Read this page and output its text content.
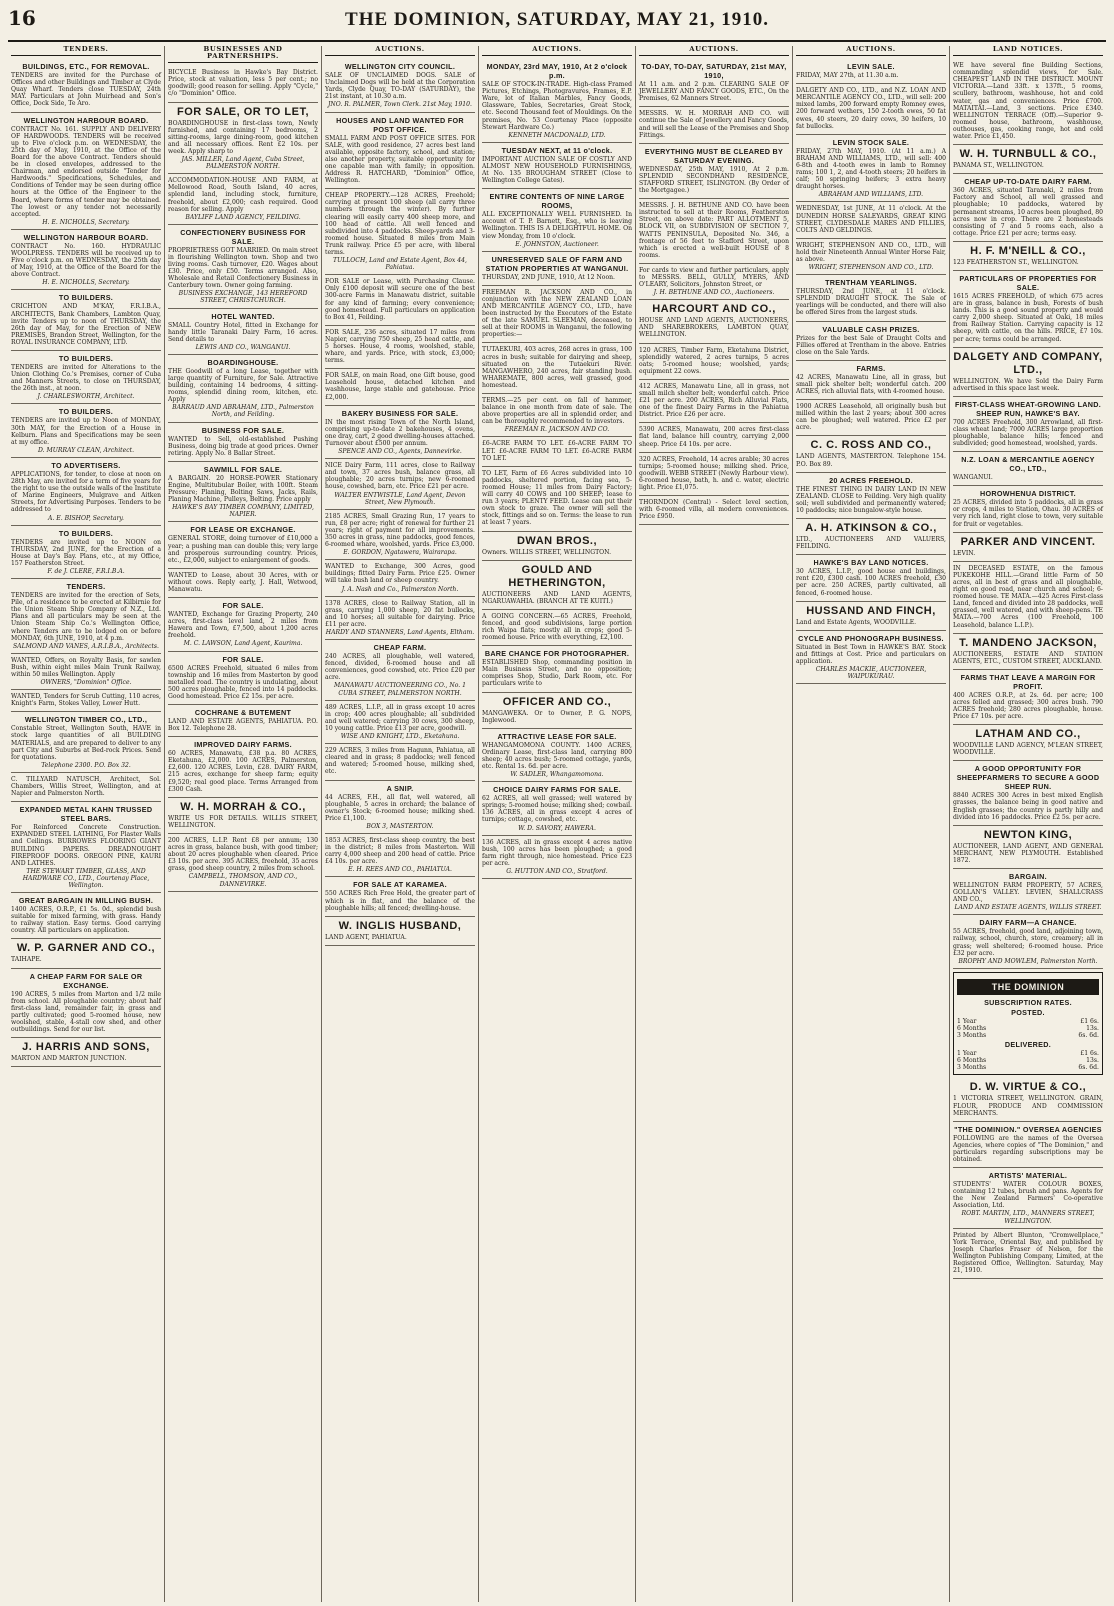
16	THE DOMINION, SATURDAY, MAY 21, 1910.
TENDERS.
BUILDINGS, ETC., FOR REMOVAL.
TENDERS are invited for the Purchase of Offices and other Buildings and Timber at Clyde Quay Wharf. Tenders close TUESDAY, 24th MAY. Particulars at John Muirhead and Son's Office, Dock Side, Te Aro.
WELLINGTON HARBOUR BOARD.
CONTRACT No. 161. SUPPLY AND DELIVERY OF HARDWOODS. TENDERS will be received up to Five o'clock p.m. on WEDNESDAY, the 25th day of May, 1910, at the Office of the Board for the above Contract. Tenders should be in closed envelopes, addressed to the Chairman, and endorsed outside "Tender for Hardwoods." Specifications, Schedules, and Conditions of Tender may be seen during office hours at the Office of the Engineer to the Board, where forms of tender may be obtained. The lowest or any tender not necessarily accepted.
H. E. NICHOLLS, Secretary.
WELLINGTON HARBOUR BOARD.
CONTRACT No. 160. HYDRAULIC WOOLPRESS. TENDERS will be received up to Five o'clock p.m. on WEDNESDAY, the 25th day of May, 1910, at the Office of the Board for the above Contract.
H. E. NICHOLLS, Secretary.
TO BUILDERS.
CRICHTON AND M'KAY, F.R.I.B.A., ARCHITECTS, Bank Chambers, Lambton Quay, invite Tenders up to noon of THURSDAY, the 26th day of May, for the Erection of NEW PREMISES, Brandon Street, Wellington, for the ROYAL INSURANCE COMPANY, LTD.
TO BUILDERS.
TENDERS are invited for Alterations to the Union Clothing Co.'s Premises, corner of Cuba and Manners Streets, to close on THURSDAY, the 26th inst., at noon.
J. CHARLESWORTH, Architect.
TO BUILDERS.
TENDERS are invited up to Noon of MONDAY, 30th MAY, for the Erection of a House in Kelburn. Plans and Specifications may be seen at my office.
D. MURRAY CLEAN, Architect.
TO ADVERTISERS.
APPLICATIONS, for tender, to close at noon on 28th May, are invited for a term of five years for the right to use the outside walls of the Institute of Marine Engineers, Mulgrave and Aitken Streets, for Advertising Purposes. Tenders to be addressed to
A. E. BISHOP, Secretary.
TO BUILDERS.
TENDERS are invited up to NOON on THURSDAY, 2nd JUNE, for the Erection of a House at Day's Bay. Plans, etc., at my Office, 157 Featherston Street.
F. de J. CLERE, F.R.I.B.A.
TENDERS.
TENDERS are invited for the erection of Sets, Pile, of a residence to be erected at Kilbirnie for the Union Steam Ship Company of N.Z., Ltd. Plans and all particulars may be seen at the Union Steam Ship Co.'s Wellington Office, where Tenders are to be lodged on or before MONDAY, 6th JUNE, 1910, at 4 p.m.
SALMOND AND VANES, A.R.I.B.A., Architects.
WANTED, Offers, on Royalty Basis, for sawlen Bush, within eight miles Main Trunk Railway, within 50 miles Wellington. Apply
OWNERS, "Dominion" Office.
WANTED, Tenders for Scrub Cutting, 110 acres, Knight's Farm, Stokes Valley, Lower Hutt.
WELLINGTON TIMBER CO., LTD.,
Constable Street, Wellington South, HAVE in stock large quantities of all BUILDING MATERIALS, and are prepared to deliver to any part City and Suburbs at Bed-rock Prices. Send for quotations.
Telephone 2300. P.O. Box 32.
C. TILLYARD NATUSCH, Architect, Sol. Chambers, Willis Street, Wellington, and at Napier and Palmerston North.
EXPANDED METAL KAHN TRUSSED STEEL BARS.
For Reinforced Concrete Construction. EXPANDED STEEL LATHING, For Plaster Walls and Ceilings. BURROWES FLOORING GIANT BUILDING PAPERS. DREADNOUGHT FIREPROOF DOORS. OREGON PINE, KAURI AND LATHES.
THE STEWART TIMBER, GLASS, AND HARDWARE CO., LTD., Courtenay Place, Wellington.
GREAT BARGAIN IN MILLING BUSH.
1400 ACRES, O.R.P., £1 5s. 0d., splendid bush suitable for mixed farming, with grass. Handy to railway station. Easy terms. Good carrying country. All particulars on application.
W. P. GARNER AND CO.,
TAIHAPE.
A CHEAP FARM FOR SALE OR EXCHANGE.
190 ACRES, 5 miles from Marton and 1/2 mile from school. All ploughable country; about half first-class land, remainder fair, in grass and partly cultivated; good 5-roomed house, new woolshed, stable, 4-stall cow shed, and other outbuildings. Send for our list.
J. HARRIS AND SONS,
MARTON AND MARTON JUNCTION.
BUSINESSES AND PARTNERSHIPS.
BICYCLE Business in Hawke's Bay District. Price, stock at valuation, less 5 per cent.; no goodwill; good reason for selling. Apply "Cycle," c/o "Dominion" Office.
FOR SALE, OR TO LET,
BOARDINGHOUSE in first-class town, Newly furnished, and containing 17 bedrooms, 2 sitting-rooms, large dining-room, good kitchen and all necessary offices. Rent £2 10s. per week. Apply sharp to
JAS. MILLER, Land Agent, Cuba Street, PALMERSTON NORTH.
ACCOMMODATION-HOUSE AND FARM, at Mellowood Road, South Island, 40 acres, splendid land, including stock, furniture, freehold, about £2,000; cash required. Good reason for selling. Apply
BAYLIFF LAND AGENCY, FEILDING.
CONFECTIONERY BUSINESS FOR SALE.
PROPRIETRESS GOT MARRIED. On main street in flourishing Wellington town. Shop and two living rooms. Cash turnover, £20. Wages about £30. Price, only £50. Terms arranged. Also, Wholesale and Retail Confectionery Business in Canterbury town. Owner going farming.
BUSINESS EXCHANGE, 143 HEREFORD STREET, CHRISTCHURCH.
HOTEL WANTED.
SMALL Country Hotel, fitted in Exchange for handy little Taranaki Dairy Farm, 16 acres. Send details to
LEWIS AND CO., WANGANUI.
BOARDINGHOUSE.
THE Goodwill of a long Lease, together with large quantity of Furniture, for Sale. Attractive building, containing 14 bedrooms, 4 sitting-rooms, splendid dining room, kitchen, etc. Apply
BARRAUD AND ABRAHAM, LTD., Palmerston North, and Feilding.
BUSINESS FOR SALE.
WANTED to Sell, old-established Pushing Business, doing big trade at good prices. Owner retiring. Apply No. 8 Ballar Street.
SAWMILL FOR SALE.
A BARGAIN. 20 HORSE-POWER Stationary Engine, Multitubular Boiler, with 100ft. Steam Pressure; Planing, Bolting Saws, Jacks, Rails, Planing Machine, Pulleys, Belting. Price apply
HAWKE'S BAY TIMBER COMPANY, LIMITED, NAPIER.
FOR LEASE OR EXCHANGE.
GENERAL STORE, doing turnover of £10,000 a year; a pushing man can double this; very large and prosperous surrounding country. Prices, etc., £2,000, subject to enlargement of goods.
WANTED to Lease, about 30 Acres, with or without cows. Reply early, J. Hall, Wetwood, Manawatu.
FOR SALE.
WANTED, Exchange for Grazing Property, 240 acres, first-class level land, 2 miles from Hawera and Town, £7,500, about 1,200 acres freehold.
M. C. LAWSON, Land Agent, Kaurima.
FOR SALE.
6500 ACRES Freehold, situated 6 miles from township and 16 miles from Masterton by good metalled road. The country is undulating, about 500 acres ploughable, fenced into 14 paddocks. Good homestead. Price £2 15s. per acre.
COCHRANE & BUTEMENT
LAND AND ESTATE AGENTS, PAHIATUA. P.O. Box 12. Telephone 28.
IMPROVED DAIRY FARMS.
60 ACRES, Manawatu, £38 p.a. 80 ACRES, Eketahuna, £2,000. 100 ACRES, Palmerston, £2,600. 120 ACRES, Levin, £28. DAIRY FARM, 215 acres, exchange for sheep farm; equity £9,520; real good place. Terms Arranged from £300 Cash.
W. H. MORRAH & CO.,
WRITE US FOR DETAILS. WILLIS STREET, WELLINGTON.
200 ACRES, L.I.P. Rent £8 per annum; 130 acres in grass, balance bush, with good timber; about 20 acres ploughable when cleared. Price £3 10s. per acre. 395 ACRES, freehold, 35 acres grass, good sheep country, 2 miles from school.
CAMPBELL, THOMSON, AND CO., DANNEVIRKE.
AUCTIONS.
WELLINGTON CITY COUNCIL.
SALE OF UNCLAIMED DOGS. SALE of Unclaimed Dogs will be held at the Corporation Yards, Clyde Quay, TO-DAY (SATURDAY), the 21st instant, at 10.30 a.m.
JNO. R. PALMER, Town Clerk. 21st May, 1910.
HOUSES AND LAND WANTED FOR POST OFFICE.
SMALL FARM AND POST OFFICE SITES. FOR SALE, with good residence, 27 acres best land available, opposite factory, school, and station; also another property, suitable opportunity for one capable man with family; in opposition. Address R. HATCHARD, "Dominion" Office, Wellington.
CHEAP PROPERTY.—128 ACRES, Freehold; carrying at present 100 sheep (all carry three numbers through the winter). By further clearing will easily carry 400 sheep more, and 100 head of cattle. All well fenced and subdivided into 4 paddocks. Sheep-yards and 3-roomed house. Situated 8 miles from Main Trunk railway. Price £5 per acre, with liberal terms.
TULLOCH, Land and Estate Agent, Box 44, Pahiatua.
FOR SALE or Lease, with Purchasing Clause. Only £100 deposit will secure one of the best 300-acre Farms in Manawatu district, suitable for any kind of farming; every convenience; good homestead. Full particulars on application to Box 41, Feilding.
FOR SALE, 236 acres, situated 17 miles from Napier, carrying 750 sheep, 25 head cattle, and 5 horses. House, 4 rooms, woolshed, stable, whare, and yards. Price, with stock, £3,000; terms.
FOR SALE, on main Road, one Gift bouse, good Leasehold house, detached kitchen and washhouse, large stable and gatehouse. Price £2,000.
BAKERY BUSINESS FOR SALE.
IN the most rising Town of the North Island, comprising up-to-date 2 bakehouses, 4 ovens, one dray, cart, 2 good dwelling-houses attached. Turnover about £500 per annum.
SPENCE AND CO., Agents, Dannevirke.
NICE Dairy Farm, 111 acres, close to Railway and town, 37 acres bush, balance grass, all ploughable; 20 acres turnips; new 6-roomed house, cowshed, barn, etc. Price £21 per acre.
WALTER ENTWISTLE, Land Agent, Devon Street, New Plymouth.
2185 ACRES, Small Grazing Run, 17 years to run, £8 per acre; right of renewal for further 21 years; right of payment for all improvements. 350 acres in grass, nine paddocks, good fences, 6-roomed whare, woolshed, yards. Price £3,000.
E. GORDON, Ngatawera, Wairarapa.
WANTED to Exchange, 300 Acres, good buildings; fitted Dairy Farm. Price £25. Owner will take bush land or sheep country.
J. A. Nash and Co., Palmerston North.
1378 ACRES, close to Railway Station, all in grass, carrying 1,000 sheep, 20 fat bullocks, and 10 horses; all suitable for dairying. Price £11 per acre.
HARDY AND STANNERS, Land Agents, Eltham.
CHEAP FARM.
240 ACRES, all ploughable, well watered, fenced, divided, 6-roomed house and all conveniences, good cowshed, etc. Price £20 per acre.
MANAWATU AUCTIONEERING CO., No. 1 CUBA STREET, PALMERSTON NORTH.
489 ACRES, L.I.P., all in grass except 10 acres in crop; 400 acres ploughable; all subdivided and well watered; carrying 30 cows, 300 sheep, 10 young cattle. Price £13 per acre, goodwill.
WISE AND KNIGHT, LTD., Eketahuna.
229 ACRES, 3 miles from Hagunn, Pahiatua, all cleared and in grass; 8 paddocks; well fenced and watered; 5-roomed house, milking shed, etc.
A SNIP.
44 ACRES, F.H., all flat, well watered, all ploughable, 5 acres in orchard; the balance of owner's Stock; 6-roomed house; milking shed. Price £1,100.
BOX 3, MASTERTON.
1853 ACRES, first-class sheep country, the best in the district; 8 miles from Masterton. Will carry 4,000 sheep and 200 head of cattle. Price £4 10s. per acre.
E. H. REES AND CO., PAHIATUA.
FOR SALE AT KARAMEA.
550 ACRES Rich Free Hold, the greater part of which is in flat, and the balance of the ploughable hills; all fenced; dwelling-house.
W. INGLIS HUSBAND,
LAND AGENT, PAHIATUA.
AUCTIONS.
MONDAY, 23rd MAY, 1910, At 2 o'clock p.m.
SALE OF STOCK-IN-TRADE. High-class Framed Pictures, Etchings, Photogravures, Frames, E.P. Ware, lot of Italian Marbles, Fancy Goods, Glassware, Tables, Secretaries, Great Stock, etc. Second Thousand feet of Mouldings. On the premises, No. 53 Courtenay Place (opposite Stewart Hardware Co.)
KENNETH MACDONALD, LTD.
TUESDAY NEXT, at 11 o'clock.
IMPORTANT AUCTION SALE OF COSTLY AND ALMOST NEW HOUSEHOLD FURNISHINGS, At No. 135 BROUGHAM STREET (Close to Wellington College Gates).
ENTIRE CONTENTS OF NINE LARGE ROOMS,
ALL EXCEPTIONALLY WELL FURNISHED. In account of T. P. Barnett, Esq., who is leaving Wellington. THIS IS A DELIGHTFUL HOME. On view Monday, from 10 o'clock.
E. JOHNSTON, Auctioneer.
UNRESERVED SALE OF FARM AND STATION PROPERTIES AT WANGANUI.
THURSDAY, 2ND JUNE, 1910, At 12 Noon.
FREEMAN R. JACKSON AND CO., in conjunction with the NEW ZEALAND LOAN AND MERCANTILE AGENCY CO., LTD., have been instructed by the Executors of the Estate of the late SAMUEL SLEEMAN, deceased, to sell at their ROOMS in Wanganui, the following properties:—
TUTAEKURI, 403 acres, 268 acres in grass, 100 acres in bush; suitable for dairying and sheep, situated on the Tutaekuri River. MANGAWHERO, 240 acres, fair standing bush. WHAREMATE, 800 acres, well grassed, good homestead.
TERMS.—25 per cent. on fall of hammer, balance in one month from date of sale. The above properties are all in splendid order, and can be thoroughly recommended to investors.
FREEMAN R. JACKSON AND CO.
£6-ACRE FARM TO LET. £6-ACRE FARM TO LET. £6-ACRE FARM TO LET. £6-ACRE FARM TO LET.
TO LET, Farm of £6 Acres subdivided into 10 paddocks, sheltered portion, facing sea, 5-roomed House; 11 miles from Dairy Factory; will carry 40 COWS and 100 SHEEP; lease to run 3 years; PLENTY FEED. Lease can put their own stock to graze. The owner will sell the stock, fittings and so on. Terms: the lease to run at least 7 years.
DWAN BROS.,
Owners. WILLIS STREET, WELLINGTON.
GOULD AND HETHERINGTON,
AUCTIONEERS AND LAND AGENTS, NGARUAWAHIA. (BRANCH AT TE KUITI.)
A GOING CONCERN.—65 ACRES, Freehold, fenced, and good subdivisions, large portion rich Waipa flats; mostly all in crops; good 5-roomed house. Price with everything, £2,100.
BARE CHANCE FOR PHOTOGRAPHER.
ESTABLISHED Shop, commanding position in Main Business Street, and no opposition; comprises Shop, Studio, Dark Room, etc. For particulars write to
OFFICER AND CO.,
MANGAWEKA. Or to Owner, P. G. NOPS, Inglewood.
ATTRACTIVE LEASE FOR SALE.
WHANGAMOMONA COUNTY. 1400 ACRES, Ordinary Lease, first-class land, carrying 800 sheep; 40 acres bush; 5-roomed cottage, yards, etc. Rental 1s. 6d. per acre.
W. SADLER, Whangamomona.
CHOICE DAIRY FARMS FOR SALE.
62 ACRES, all well grassed; well watered by springs; 5-roomed house; milking shed; cowbail. 136 ACRES, all in grass except 4 acres of turnips; cottage, cowshed, etc.
W. D. SAVORY, HAWERA.
136 ACRES, all in grass except 4 acres native bush, 100 acres has been ploughed; a good farm right through, nice homestead. Price £23 per acre.
G. HUTTON AND CO., Stratford.
AUCTIONS.
TO-DAY, TO-DAY, SATURDAY, 21st MAY, 1910,
At 11 a.m. and 2 p.m. CLEARING SALE OF JEWELLERY AND FANCY GOODS, ETC., On the Premises, 62 Manners Street.
MESSRS. W. H. MORRAH AND CO. will continue the Sale of Jewellery and Fancy Goods, and will sell the Lease of the Premises and Shop Fittings.
EVERYTHING MUST BE CLEARED BY SATURDAY EVENING.
WEDNESDAY, 25th MAY, 1910, At 2 p.m. SPLENDID SECONDHAND RESIDENCE, STAFFORD STREET, ISLINGTON. (By Order of the Mortgagee.)
MESSRS. J. H. BETHUNE AND CO. have been instructed to sell at their Rooms, Featherston Street, on above date: PART ALLOTMENT 5, BLOCK VII, on SUBDIVISION OF SECTION 7, WATTS PENINSULA, Deposited No. 346, a frontage of 56 feet to Stafford Street, upon which is erected a well-built HOUSE of 8 rooms.
For cards to view and further particulars, apply to MESSRS. BELL, GULLY, MYERS, AND O'LEARY, Solicitors, Johnston Street, or
J. H. BETHUNE AND CO., Auctioneers.
HARCOURT AND CO.,
HOUSE AND LAND AGENTS, AUCTIONEERS, AND SHAREBROKERS, LAMBTON QUAY, WELLINGTON.
120 ACRES, Timber Farm, Eketahuna District, splendidly watered, 2 acres turnips, 5 acres oats; 5-roomed house; woolshed, yards; equipment 22 cows.
412 ACRES, Manawatu Line, all in grass, not small milch shelter belt; wonderful catch. Price £21 per acre. 200 ACRES, Rich Alluvial Flats, one of the finest Dairy Farms in the Pahiatua District. Price £26 per acre.
5390 ACRES, Manawatu, 200 acres first-class flat land, balance hill country, carrying 2,000 sheep. Price £4 10s. per acre.
320 ACRES, Freehold, 14 acres arable; 30 acres turnips; 5-roomed house; milking shed. Price, goodwill. WEBB STREET (Newly Harbour view). 6-roomed house, bath, h. and c. water, electric light. Price £1,075.
THORNDON (Central) - Select level section, with 6-roomed villa, all modern conveniences. Price £950.
AUCTIONS.
LEVIN SALE.
FRIDAY, MAY 27th, at 11.30 a.m.
DALGETY AND CO., LTD., and N.Z. LOAN AND MERCANTILE AGENCY CO., LTD., will sell: 200 mixed lambs, 200 forward empty Romney ewes, 200 forward wethers, 150 2-tooth ewes, 50 fat ewes, 40 steers, 20 dairy cows, 30 heifers, 10 fat bullocks.
LEVIN STOCK SALE.
FRIDAY, 27th MAY, 1910. (At 11 a.m.) A BRAHAM AND WILLIAMS, LTD., will sell: 400 6-8th and 4-tooth ewes in lamb to Romney rams; 100 1, 2, and 4-tooth steers; 20 heifers in calf; 50 springing heifers; 3 extra heavy draught horses.
ABRAHAM AND WILLIAMS, LTD.
WEDNESDAY, 1st JUNE, At 11 o'clock. At the DUNEDIN HORSE SALEYARDS, GREAT KING STREET, CLYDESDALE MARES AND FILLIES, COLTS AND GELDINGS.
WRIGHT, STEPHENSON AND CO., LTD., will hold their Nineteenth Annual Winter Horse Fair, as above.
WRIGHT, STEPHENSON AND CO., LTD.
TRENTHAM YEARLINGS.
THURSDAY, 2nd JUNE, at 11 o'clock. SPLENDID DRAUGHT STOCK. The Sale of yearlings will be conducted, and there will also be offered Sires from the largest studs.
VALUABLE CASH PRIZES.
Prizes for the best Sale of Draught Colts and Fillies offered at Trentham in the above. Entries close on the Sale Yards.
FARMS.
42 ACRES, Manawatu Line, all in grass, but small pick shelter belt; wonderful catch. 200 ACRES, rich alluvial flats, with 4-roomed house.
1900 ACRES Leasehold, all originally bush but milled within the last 2 years; about 300 acres can be ploughed; well watered. Price £2 per acre.
C. C. ROSS AND CO.,
LAND AGENTS, MASTERTON. Telephone 154. P.O. Box 89.
20 ACRES FREEHOLD.
THE FINEST THING IN DAIRY LAND IN NEW ZEALAND. CLOSE to Feilding. Very high quality soil; well subdivided and permanently watered; 10 paddocks; nice bungalow-style house.
A. H. ATKINSON & CO.,
LTD., AUCTIONEERS AND VALUERS, FEILDING.
HAWKE'S BAY LAND NOTICES.
30 ACRES, L.I.P., good house and buildings, rent £20, £300 cash. 100 ACRES freehold, £30 per acre. 250 ACRES, partly cultivated, all fenced, 6-roomed house.
HUSSAND AND FINCH,
Land and Estate Agents, WOODVILLE.
CYCLE AND PHONOGRAPH BUSINESS.
Situated in Best Town in HAWKE'S BAY. Stock and fittings at Cost. Price and particulars on application.
CHARLES MACKIE, AUCTIONEER, WAIPUKURAU.
LAND NOTICES.
WE have several fine Building Sections, commanding splendid views, for Sale. CHEAPEST LAND IN THE DISTRICT. MOUNT VICTORIA.—Land 33ft. x 137ft., 5 rooms, scullery, bathroom, washhouse, hot and cold water, gas and conveniences. Price £700. MATAITAI.—Land, 3 sections. Price £340. WELLINGTON TERRACE (Off).—Superior 9-roomed house, bathroom, washhouse, outhouses, gas, cooking range, hot and cold water. Price £1,450.
W. H. TURNBULL & CO.,
PANAMA ST., WELLINGTON.
CHEAP UP-TO-DATE DAIRY FARM.
360 ACRES, situated Taranaki, 2 miles from Factory and School, all well grassed and ploughable; 10 paddocks, watered by permanent streams, 10 acres been ploughed, 80 acres now in crop. There are 2 homesteads consisting of 7 and 5 rooms each, also a cottage. Price £21 per acre; terms easy.
H. F. M'NEILL & CO.,
123 FEATHERSTON ST., WELLINGTON.
PARTICULARS OF PROPERTIES FOR SALE.
1615 ACRES FREEHOLD, of which 675 acres are in grass, balance in bush, Forests of bush lands. This is a good sound property and would carry 2,000 sheep. Situated at Oaki, 18 miles from Railway Station. Carrying capacity is 12 sheep, with cattle, on the hills. PRICE, £7 10s. per acre; terms could be arranged.
DALGETY AND COMPANY, LTD.,
WELLINGTON. We have Sold the Dairy Farm advertised in this space last week.
FIRST-CLASS WHEAT-GROWING LAND. SHEEP RUN, HAWKE'S BAY.
700 ACRES Freehold, 300 Arrowland, all first-class wheat land; 7000 ACRES large proportion ploughable, balance hills; fenced and subdivided; good homestead, woolshed, yards.
N.Z. LOAN & MERCANTILE AGENCY CO., LTD.,
WANGANUI.
HOROWHENUA DISTRICT.
25 ACRES, divided into 5 paddocks, all in grass or crops, 4 miles to Station, Ohau. 30 ACRES of very rich land, right close to town, very suitable for fruit or vegetables.
PARKER AND VINCENT.
LEVIN.
IN DECEASED ESTATE, on the famous PUKEKOHE HILL.—Grand little Farm of 50 acres, all in best of grass and all ploughable, right on good road, near church and school; 6-roomed house. TE MATA.—425 Acres First-class Land, fenced and divided into 28 paddocks, well grassed, well watered, and with sheep-pens. TE MATA.—700 Acres (100 Freehold, 100 Leasehold, balance L.I.P.).
T. MANDENO JACKSON,
AUCTIONEERS, ESTATE AND STATION AGENTS, ETC., CUSTOM STREET, AUCKLAND.
FARMS THAT LEAVE A MARGIN FOR PROFIT.
400 ACRES O.R.P., at 2s. 6d. per acre; 100 acres felled and grassed; 300 acres bush. 790 ACRES freehold; 280 acres ploughable, house. Price £7 10s. per acre.
LATHAM AND CO.,
WOODVILLE LAND AGENCY, M'LEAN STREET, WOODVILLE.
A GOOD OPPORTUNITY FOR SHEEPFARMERS TO SECURE A GOOD SHEEP RUN.
8840 ACRES 300 Acres in best mixed English grasses, the balance being in good native and English grasses; the country is partly hilly and divided into 16 paddocks. Price £2 5s. per acre.
NEWTON KING,
AUCTIONEER, LAND AGENT, AND GENERAL MERCHANT, NEW PLYMOUTH. Established 1872.
BARGAIN.
WELLINGTON FARM PROPERTY, 57 ACRES, GOLLAN'S VALLEY. LEVIEN, SHALLCRASS AND CO.,
LAND AND ESTATE AGENTS, WILLIS STREET.
DAIRY FARM—A CHANCE.
55 ACRES, freehold, good land, adjoining town, railway, school, church, store, creamery; all in grass; well sheltered; 6-roomed house. Price £32 per acre.
BROPHY AND MOWLEM, Palmerston North.
THE DOMINION
SUBSCRIPTION RATES.
POSTED.
1 Year	£1 6s.
6 Months	13s.
3 Months	6s. 6d.
DELIVERED.
1 Year	£1 6s.
6 Months	13s.
3 Months	6s. 6d.
D. W. VIRTUE & CO.,
1 VICTORIA STREET, WELLINGTON. GRAIN, FLOUR, PRODUCE AND COMMISSION MERCHANTS.
"THE DOMINION." OVERSEA AGENCIES
FOLLOWING are the names of the Oversea Agencies, where copies of "The Dominion," and particulars regarding subscriptions may be obtained.
ARTISTS' MATERIAL.
STUDENTS' WATER COLOUR BOXES, containing 12 tubes, brush and pans. Agents for the New Zealand Farmers' Co-operative Association, Ltd.
ROBT. MARTIN, LTD., MANNERS STREET, WELLINGTON.
Printed by Albert Blunton, "Cromwellplace," York Terrace, Oriental Bay, and published by Joseph Charles Fraser of Nelson, for the Wellington Publishing Company, Limited, at the Registered Office, Wellington. Saturday, May 21, 1910.
